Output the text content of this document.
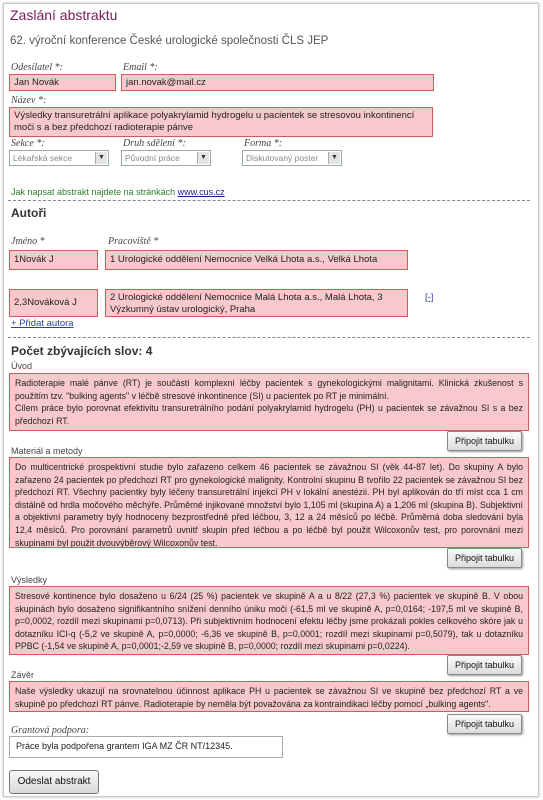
Zaslání abstraktu
62. výroční konference České urologické společnosti ČLS JEP
Odesílatel *:
Jan Novák
Email *:
jan.novak@mail.cz
Název *:
Výsledky transuretrální aplikace polyakrylamid hydrogelu u pacientek se stresovou inkontinencí moči s a bez předchozí radioterapie pánve
Sekce *:
Lékařská sekce	▼
Druh sdělení *:
Původní práce	▼
Forma *:
Diskutovaný poster	▼
Jak napsat abstrakt najdete na stránkách www.cus.cz
Autoři
Jméno *	Pracoviště *
1Novák J	1 Urologické oddělení Nemocnice Velká Lhota a.s., Velká Lhota
2,3Nováková J	2 Urologické oddělení Nemocnice Malá Lhota a.s., Malá Lhota, 3 Výzkumný ústav urologický, Praha
[-]
+ Přidat autora
Počet zbývajících slov: 4
Úvod
Radioterapie malé pánve (RT) je součástí komplexní léčby pacientek s gynekologickými malignitami. Klinická zkušenost s použitím tzv. "bulking agents" v léčbě stresové inkontinence (SI) u pacientek po RT je minimální.
Cílem práce bylo porovnat efektivitu transuretrálního podání polyakrylamid hydrogelu (PH) u pacientek se závažnou SI s a bez předchozí RT.
Připojit tabulku
Materiál a metody
Do multicentrické prospektivní studie bylo zařazeno celkem 46 pacientek se závažnou SI (věk 44-87 let). Do skupiny A bylo zařazeno 24 pacientek po předchozí RT pro gynekologické malignity. Kontrolní skupinu B tvořilo 22 pacientek se závažnou SI bez předchozí RT. Všechny pacientky byly léčeny transuretrální injekcí PH v lokální anestézii. PH byl aplikován do tří míst cca 1 cm distálně od hrdla močového měchýře. Průměrné injikované množství bylo 1,105 ml (skupina A) a 1,206 ml (skupina B). Subjektivní a objektivní parametry byly hodnoceny bezprostředně před léčbou, 3, 12 a 24 měsíců po léčbě. Průměrná doba sledování byla 12,4 měsíců. Pro porovnání parametrů uvnitř skupin před léčbou a po léčbě byl použit Wilcoxonův test, pro porovnání mezi skupinami byl použit dvouvýběrový Wilcoxonův test.
Připojit tabulku
Výsledky
Stresové kontinence bylo dosaženo u 6/24 (25 %) pacientek ve skupině A a u 8/22 (27,3 %) pacientek ve skupině B. V obou skupinách bylo dosaženo signifikantního snížení denního úniku moči (-61,5 ml ve skupině A, p=0,0164; -197,5 ml ve skupině B, p=0,0002, rozdíl mezi skupinami p=0,0713). Při subjektivním hodnocení efektu léčby jsme prokázali pokles celkového skóre jak u dotazníku ICI-q (-5,2 ve skupině A, p=0,0000; -6,36 ve skupině B, p=0,0001; rozdíl mezi skupinami p=0,5079), tak u dotazníku PPBC (-1,54 ve skupině A, p=0,0001;-2,59 ve skupině B, p=0,0000; rozdíl mezi skupinami p=0,0224).
Připojit tabulku
Závěr
Naše výsledky ukazují na srovnatelnou účinnost aplikace PH u pacientek se závažnou SI ve skupině bez předchozí RT a ve skupině po předchozí RT pánve. Radioterapie by neměla být považována za kontraindikaci léčby pomocí „bulking agents".
Připojit tabulku
Grantová podpora:
Práce byla podpořena grantem IGA MZ ČR NT/12345.
Odeslat abstrakt
